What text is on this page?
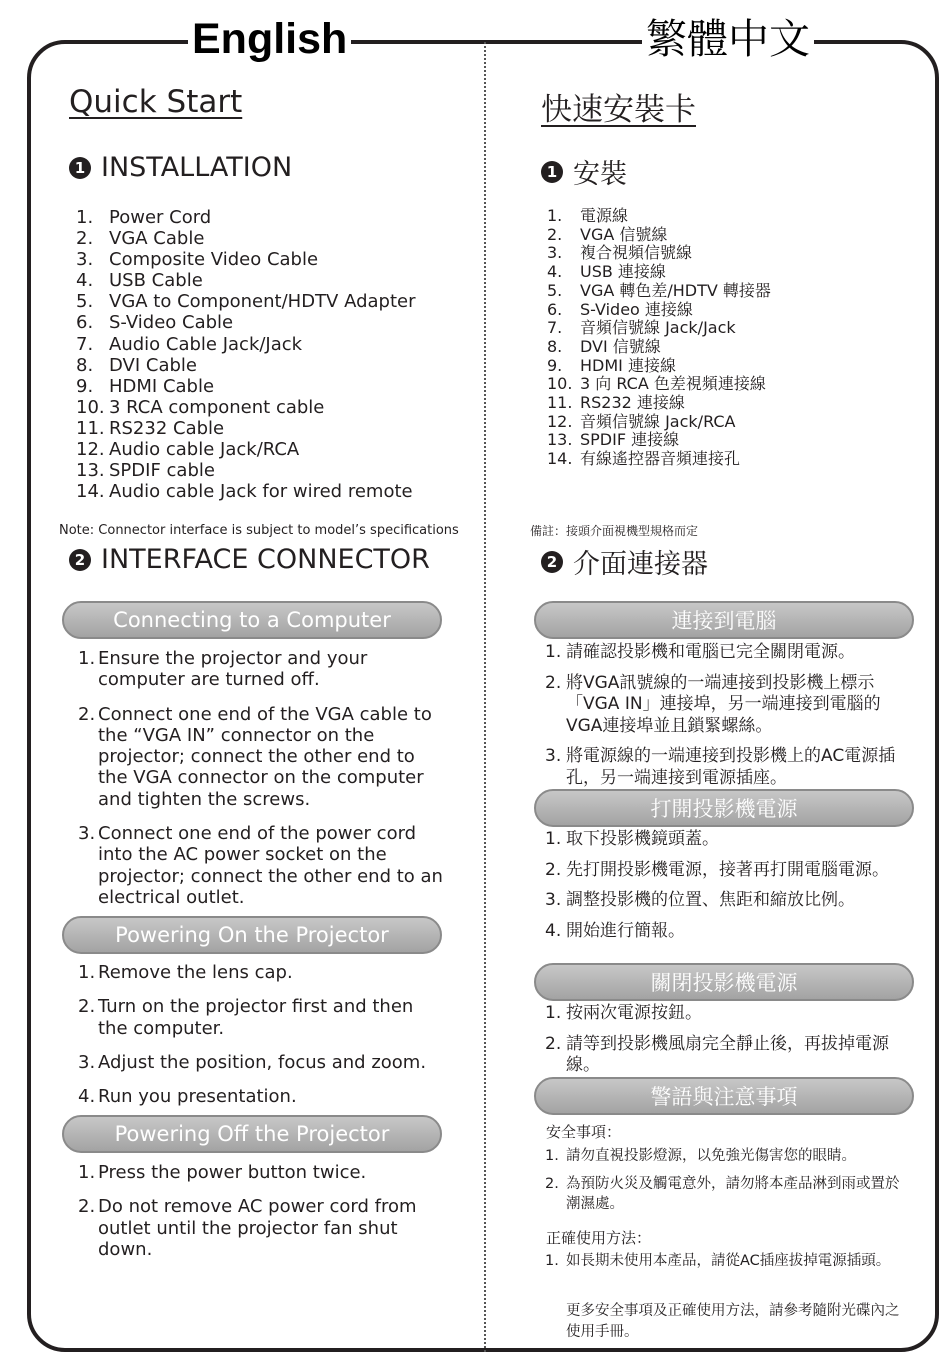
English	繁體中文
Quick Start
1 INSTALLATION
1. Power Cord
2. VGA Cable
3. Composite Video Cable
4. USB Cable
5. VGA to Component/HDTV Adapter
6. S-Video Cable
7. Audio Cable Jack/Jack
8. DVI Cable
9. HDMI Cable
10. 3 RCA component cable
11. RS232 Cable
12. Audio cable Jack/RCA
13. SPDIF cable
14. Audio cable Jack for wired remote
Note: Connector interface is subject to model’s specifications
2 INTERFACE CONNECTOR
Connecting to a Computer
1. Ensure the projector and your computer are turned off.
2. Connect one end of the VGA cable to the “VGA IN” connector on the projector; connect the other end to the VGA connector on the computer and tighten the screws.
3. Connect one end of the power cord into the AC power socket on the projector; connect the other end to an electrical outlet.
Powering On the Projector
1. Remove the lens cap.
2. Turn on the projector first and then the computer.
3. Adjust the position, focus and zoom.
4. Run you presentation.
Powering Off the Projector
1. Press the power button twice.
2. Do not remove AC power cord from outlet until the projector fan shut down.
快速安裝卡
1 安裝
1.	電源線
2.	VGA 信號線
3.	複合視頻信號線
4.	USB 連接線
5.	VGA 轉色差/HDTV 轉接器
6.	S-Video 連接線
7.	音頻信號線 Jack/Jack
8.	DVI 信號線
9.	HDMI 連接線
10. 3 向 RCA 色差視頻連接線
11. RS232 連接線
12. 音頻信號線 Jack/RCA
13. SPDIF 連接線
14. 有線遙控器音頻連接孔
備註：接頭介面視機型規格而定
2 介面連接器
連接到電腦
1. 請確認投影機和電腦已完全關閉電源。
2. 將VGA訊號線的一端連接到投影機上標示「VGA IN」連接埠，另一端連接到電腦的VGA連接埠並且鎖緊螺絲。
3. 將電源線的一端連接到投影機上的AC電源插孔，另一端連接到電源插座。
打開投影機電源
1. 取下投影機鏡頭蓋。
2. 先打開投影機電源，接著再打開電腦電源。
3. 調整投影機的位置、焦距和縮放比例。
4. 開始進行簡報。
關閉投影機電源
1. 按兩次電源按鈕。
2. 請等到投影機風扇完全靜止後，再拔掉電源線。
警語與注意事項
安全事項：
1. 請勿直視投影燈源，以免強光傷害您的眼睛。
2. 為預防火災及觸電意外，請勿將本產品淋到雨或置於潮濕處。
正確使用方法：
1. 如長期未使用本產品，請從AC插座拔掉電源插頭。
更多安全事項及正確使用方法，請參考隨附光碟內之使用手冊。
